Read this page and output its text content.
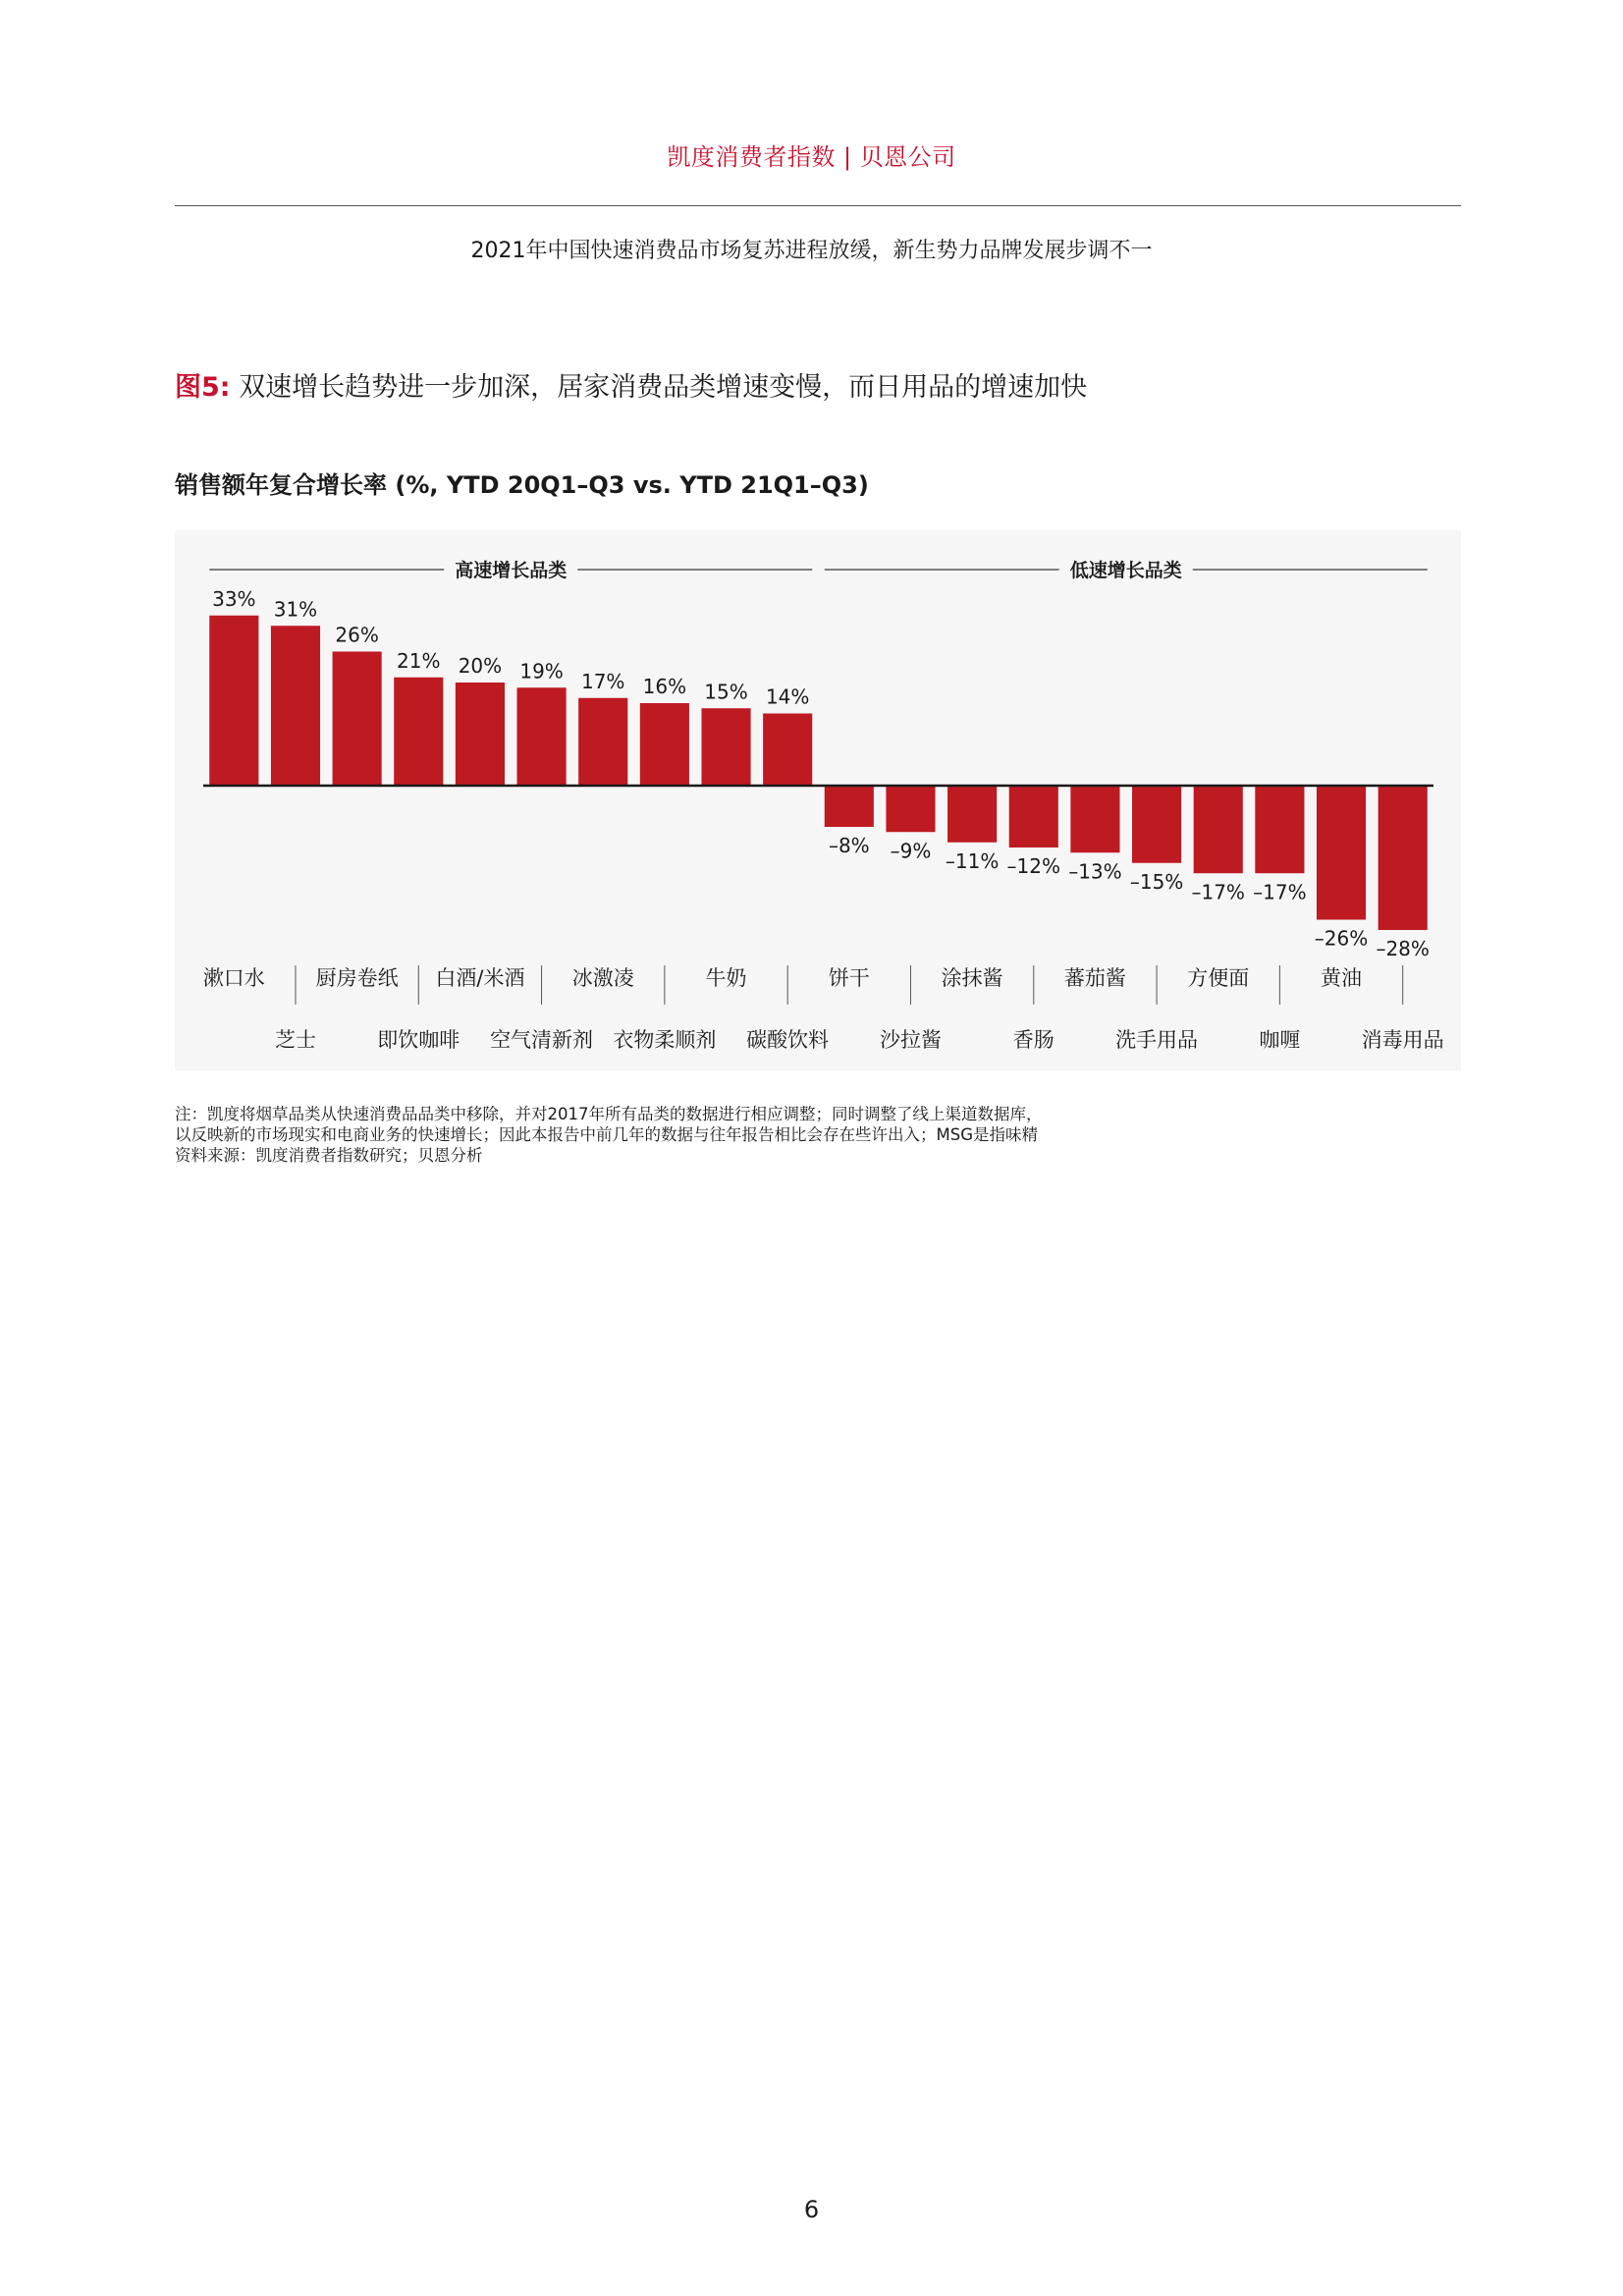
凯度消费者指数 | 贝恩公司
2021年中国快速消费品市场复苏进程放缓，新生势力品牌发展步调不一
图5: 双速增长趋势进一步加深，居家消费品类增速变慢，而日用品的增速加快
销售额年复合增长率 (%, YTD 20Q1–Q3 vs. YTD 21Q1–Q3)
33% 31%
26%
21% 20% 19% 17% 16% 15% 14%
–8% –9% –11% –12% –13% –15% –17% –17%
–26% –28%
漱口水
芝士
厨房卷纸
即饮咖啡
白酒/米酒
空气清新剂
冰激凌
衣物柔顺剂
牛奶
碳酸饮料
饼干
沙拉酱
涂抹酱
香肠
蕃茄酱
洗手用品
方便面
咖喱
黄油
消毒用品
高速增长品类	低速增长品类
注：凯度将烟草品类从快速消费品品类中移除，并对2017年所有品类的数据进行相应调整；同时调整了线上渠道数据库，
以反映新的市场现实和电商业务的快速增长；因此本报告中前几年的数据与往年报告相比会存在些许出入；MSG是指味精
资料来源：凯度消费者指数研究；贝恩分析
6
